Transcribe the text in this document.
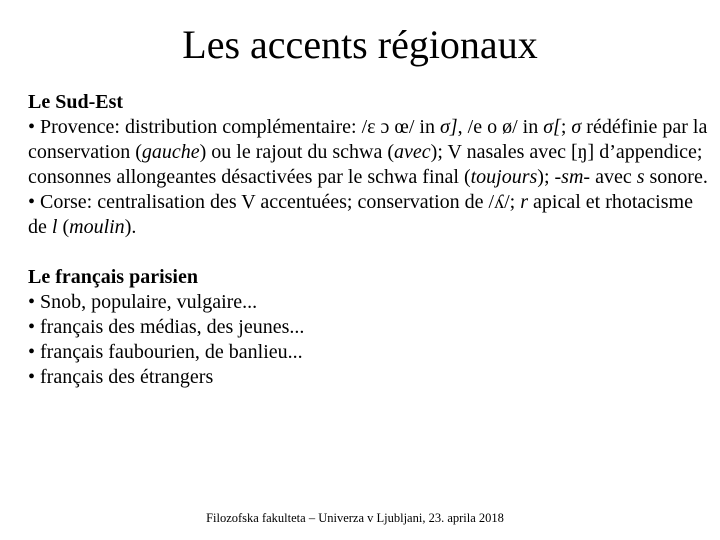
Les accents régionaux
Le Sud-Est
• Provence: distribution complémentaire: /ɛ ɔ œ/ in σ], /e o ø/ in σ[; σ rédéfinie par la conservation (gauche) ou le rajout du schwa (avec); V nasales avec [ŋ] d’appendice; consonnes allongeantes désactivées par le schwa final (toujours); -sm- avec s sonore.
• Corse: centralisation des V accentuées; conservation de /ʎ/; r apical et rhotacisme de l (moulin).
Le français parisien
• Snob, populaire, vulgaire...
• français des médias, des jeunes...
• français faubourien, de banlieu...
• français des étrangers
Filozofska fakulteta – Univerza v Ljubljani, 23. aprila 2018
